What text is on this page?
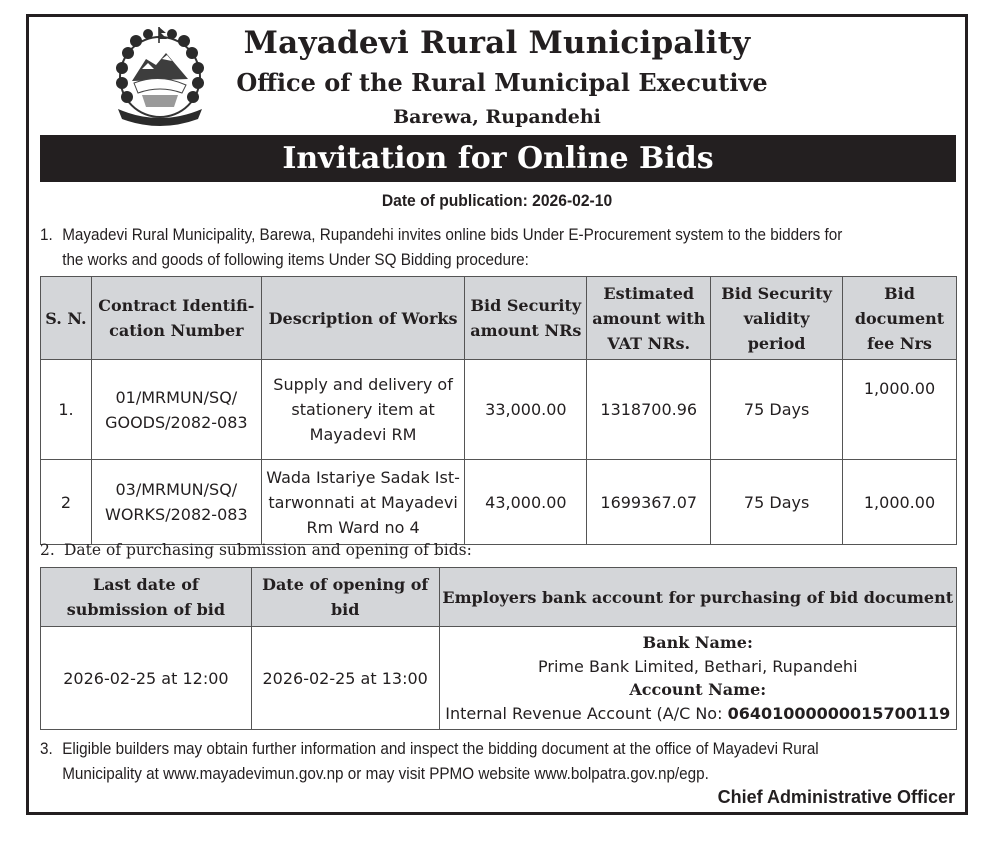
Mayadevi Rural Municipality
Office of the Rural Municipal Executive
Barewa, Rupandehi
Invitation for Online Bids
Date of publication: 2026-02-10
1. Mayadevi Rural Municipality, Barewa, Rupandehi invites online bids Under E-Procurement system to the bidders for
the works and goods of following items Under SQ Bidding procedure:
S. N.	Contract Identifi-cation Number	Description of Works	Bid Security amount NRs	Estimated amount with VAT NRs.	Bid Security validity period	Bid document fee Nrs
1.	01/MRMUN/SQ/ GOODS/2082-083	Supply and delivery of stationery item at Mayadevi RM	33,000.00	1318700.96	75 Days	1,000.00
2	03/MRMUN/SQ/ WORKS/2082-083	Wada Istariye Sadak Ist-tarwonnati at Mayadevi Rm Ward no 4	43,000.00	1699367.07	75 Days	1,000.00
2. Date of purchasing submission and opening of bids:
Last date of submission of bid	Date of opening of bid	Employers bank account for purchasing of bid document
2026-02-25 at 12:00	2026-02-25 at 13:00	Bank Name:
Prime Bank Limited, Bethari, Rupandehi
Account Name:
Internal Revenue Account (A/C No: 06401000000015700119
3. Eligible builders may obtain further information and inspect the bidding document at the office of Mayadevi Rural
Municipality at www.mayadevimun.gov.np or may visit PPMO website www.bolpatra.gov.np/egp.
Chief Administrative Officer
